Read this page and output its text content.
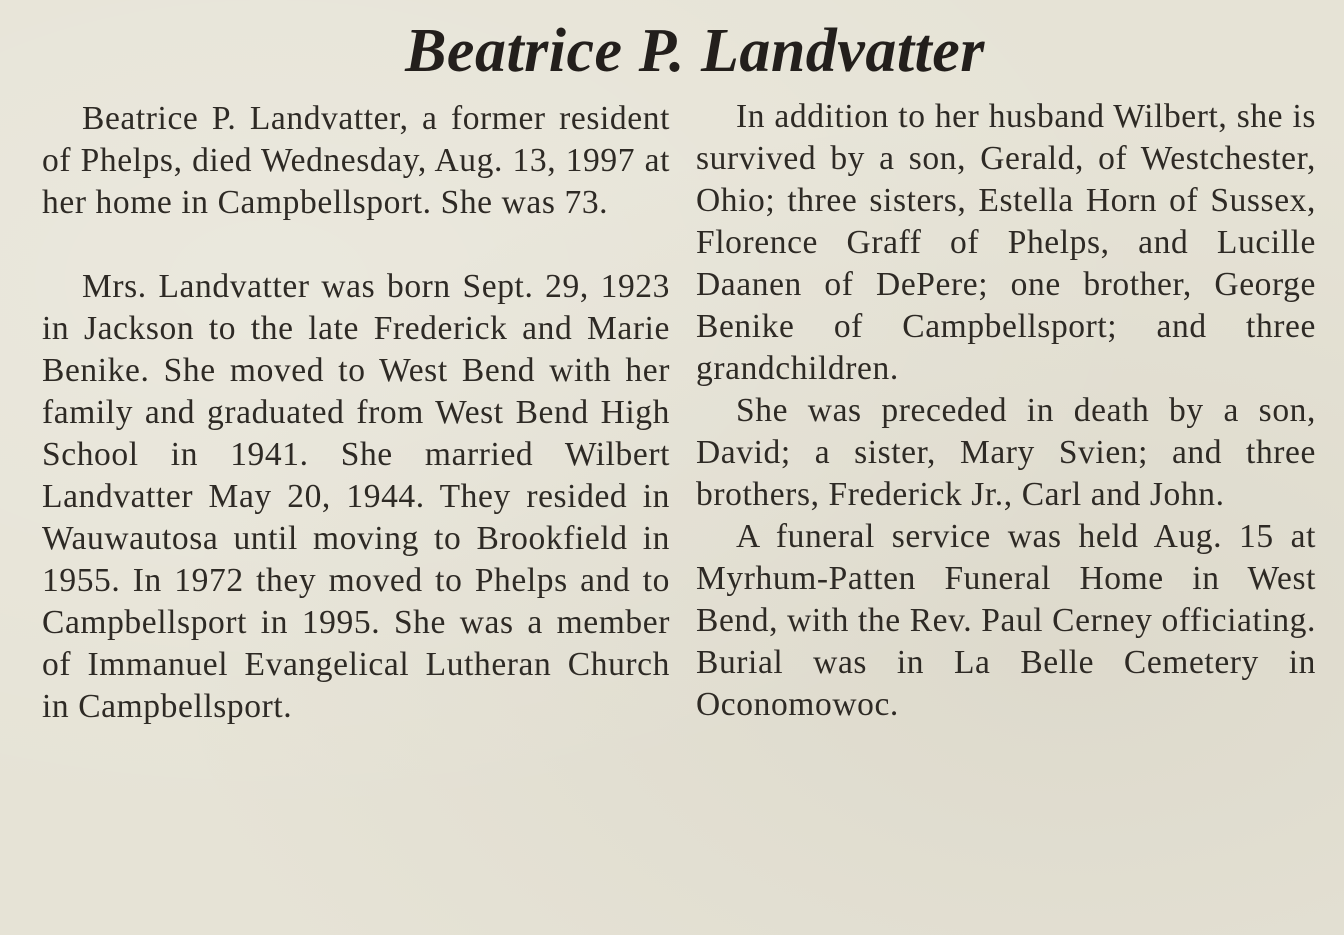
Beatrice P. Landvatter

Beatrice P. Landvatter, a former resident of Phelps, died Wednesday, Aug. 13, 1997 at her home in Campbellsport. She was 73.

Mrs. Landvatter was born Sept. 29, 1923 in Jackson to the late Frederick and Marie Benike. She moved to West Bend with her family and graduated from West Bend High School in 1941. She married Wilbert Landvatter May 20, 1944. They resided in Wauwautosa until moving to Brookfield in 1955. In 1972 they moved to Phelps and to Campbellsport in 1995. She was a member of Immanuel Evangelical Lutheran Church in Campbellsport.

In addition to her husband Wilbert, she is survived by a son, Gerald, of Westchester, Ohio; three sisters, Estella Horn of Sussex, Florence Graff of Phelps, and Lucille Daanen of DePere; one brother, George Benike of Campbellsport; and three grandchildren.

She was preceded in death by a son, David; a sister, Mary Svien; and three brothers, Frederick Jr., Carl and John.

A funeral service was held Aug. 15 at Myrhum-Patten Funeral Home in West Bend, with the Rev. Paul Cerney officiating. Burial was in La Belle Cemetery in Oconomowoc.
